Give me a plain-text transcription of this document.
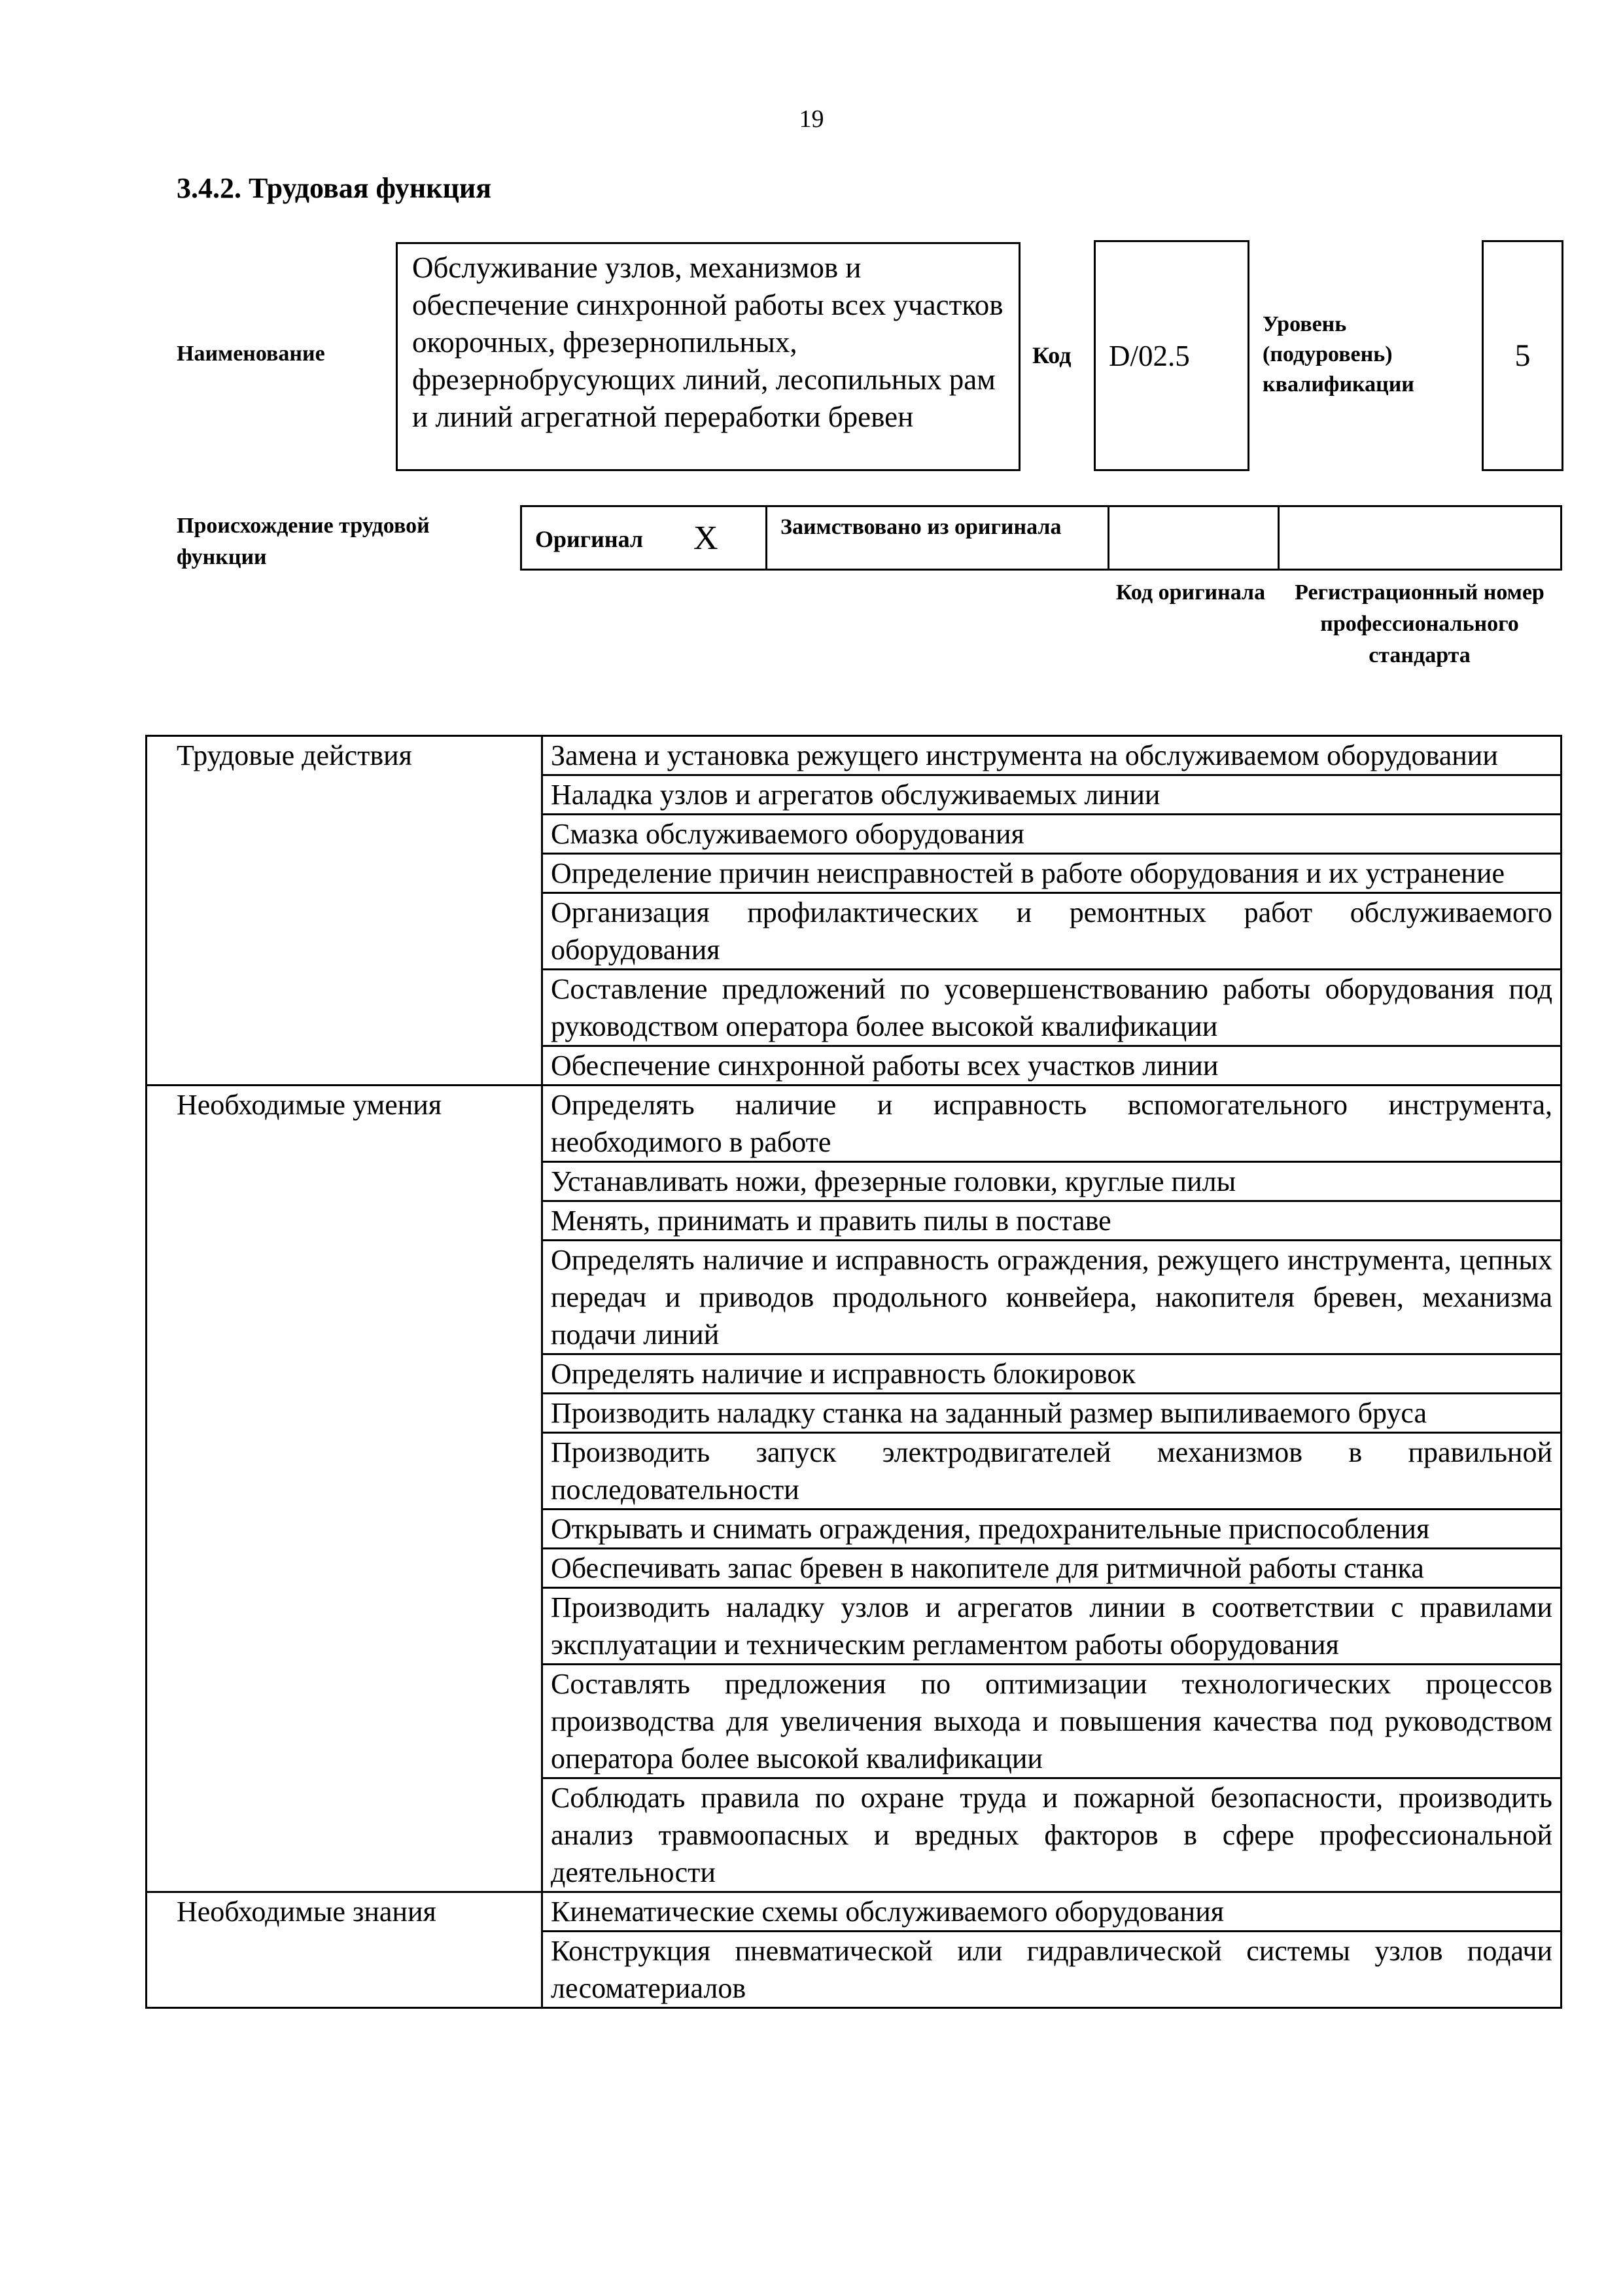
19
3.4.2. Трудовая функция
Наименование
Обслуживание узлов, механизмов и обеспечение синхронной работы всех участков окорочных, фрезернопильных, фрезернобрусующих линий, лесопильных рам и линий агрегатной переработки бревен
Код	D/02.5
Уровень (подуровень) квалификации
5
Происхождение трудовой функции
Оригинал X	Заимствовано из оригинала
Код оригинала	Регистрационный номер профессионального стандарта
Трудовые действия	Замена и установка режущего инструмента на обслуживаемом оборудовании
	Наладка узлов и агрегатов обслуживаемых линии
	Смазка обслуживаемого оборудования
	Определение причин неисправностей в работе оборудования и их устранение
	Организация профилактических и ремонтных работ обслуживаемого оборудования
	Составление предложений по усовершенствованию работы оборудования под руководством оператора более высокой квалификации
	Обеспечение синхронной работы всех участков линии
Необходимые умения	Определять наличие и исправность вспомогательного инструмента, необходимого в работе
	Устанавливать ножи, фрезерные головки, круглые пилы
	Менять, принимать и править пилы в поставе
	Определять наличие и исправность ограждения, режущего инструмента, цепных передач и приводов продольного конвейера, накопителя бревен, механизма подачи линий
	Определять наличие и исправность блокировок
	Производить наладку станка на заданный размер выпиливаемого бруса
	Производить запуск электродвигателей механизмов в правильной последовательности
	Открывать и снимать ограждения, предохранительные приспособления
	Обеспечивать запас бревен в накопителе для ритмичной работы станка
	Производить наладку узлов и агрегатов линии в соответствии с правилами эксплуатации и техническим регламентом работы оборудования
	Составлять предложения по оптимизации технологических процессов производства для увеличения выхода и повышения качества под руководством оператора более высокой квалификации
	Соблюдать правила по охране труда и пожарной безопасности, производить анализ травмоопасных и вредных факторов в сфере профессиональной деятельности
Необходимые знания	Кинематические схемы обслуживаемого оборудования
	Конструкция пневматической или гидравлической системы узлов подачи лесоматериалов
